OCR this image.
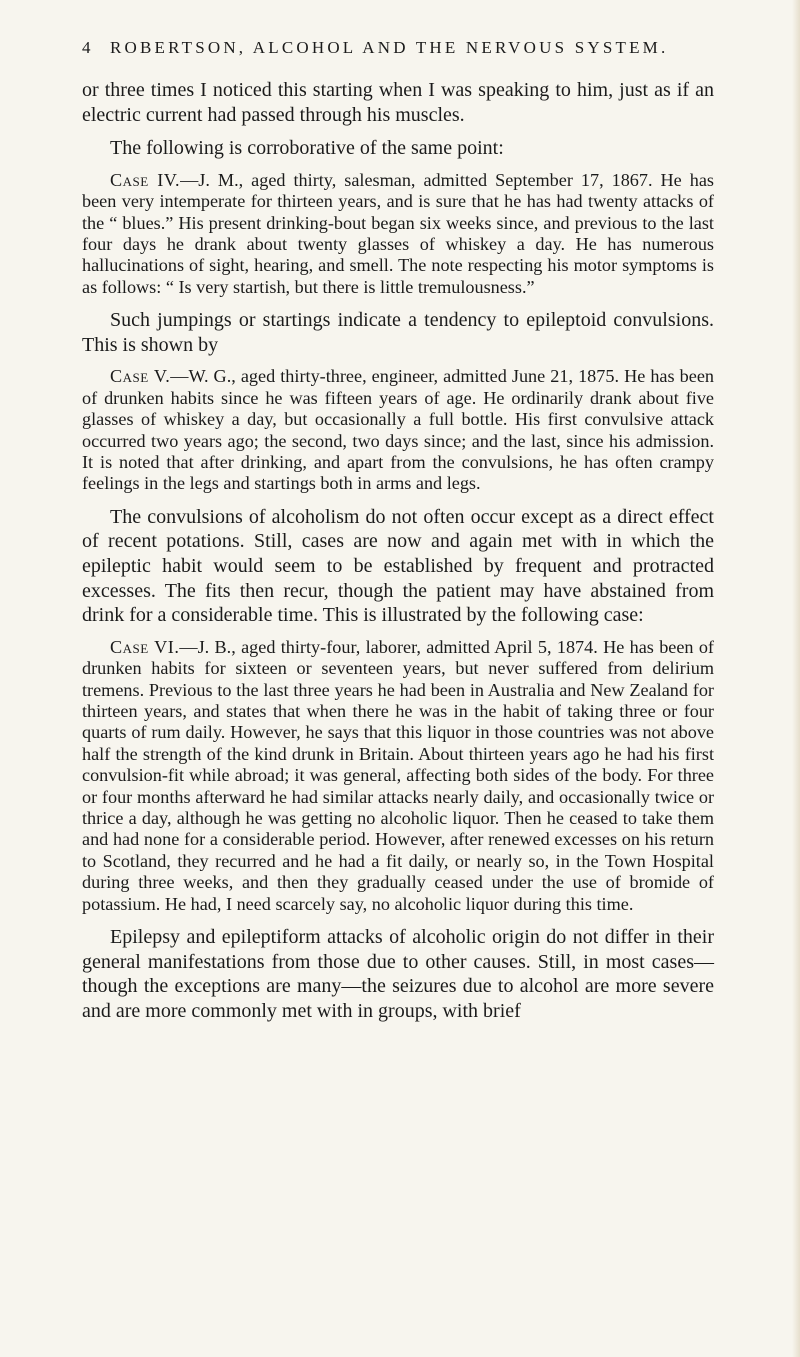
4 ROBERTSON, ALCOHOL AND THE NERVOUS SYSTEM.

or three times I noticed this starting when I was speaking to him, just as if an electric current had passed through his muscles.

The following is corroborative of the same point:

Case IV.—J. M., aged thirty, salesman, admitted September 17, 1867. He has been very intemperate for thirteen years, and is sure that he has had twenty attacks of the “ blues.” His present drinking-bout began six weeks since, and previous to the last four days he drank about twenty glasses of whiskey a day. He has numerous hallucinations of sight, hearing, and smell. The note respecting his motor symptoms is as follows: “ Is very startish, but there is little tremulousness.”

Such jumpings or startings indicate a tendency to epileptoid convulsions. This is shown by

Case V.—W. G., aged thirty-three, engineer, admitted June 21, 1875. He has been of drunken habits since he was fifteen years of age. He ordinarily drank about five glasses of whiskey a day, but occasionally a full bottle. His first convulsive attack occurred two years ago; the second, two days since; and the last, since his admission. It is noted that after drinking, and apart from the convulsions, he has often crampy feelings in the legs and startings both in arms and legs.

The convulsions of alcoholism do not often occur except as a direct effect of recent potations. Still, cases are now and again met with in which the epileptic habit would seem to be established by frequent and protracted excesses. The fits then recur, though the patient may have abstained from drink for a considerable time. This is illustrated by the following case:

Case VI.—J. B., aged thirty-four, laborer, admitted April 5, 1874. He has been of drunken habits for sixteen or seventeen years, but never suffered from delirium tremens. Previous to the last three years he had been in Australia and New Zealand for thirteen years, and states that when there he was in the habit of taking three or four quarts of rum daily. However, he says that this liquor in those countries was not above half the strength of the kind drunk in Britain. About thirteen years ago he had his first convulsion-fit while abroad; it was general, affecting both sides of the body. For three or four months afterward he had similar attacks nearly daily, and occasionally twice or thrice a day, although he was getting no alcoholic liquor. Then he ceased to take them and had none for a considerable period. However, after renewed excesses on his return to Scotland, they recurred and he had a fit daily, or nearly so, in the Town Hospital during three weeks, and then they gradually ceased under the use of bromide of potassium. He had, I need scarcely say, no alcoholic liquor during this time.

Epilepsy and epileptiform attacks of alcoholic origin do not differ in their general manifestations from those due to other causes. Still, in most cases—though the exceptions are many—the seizures due to alcohol are more severe and are more commonly met with in groups, with brief
